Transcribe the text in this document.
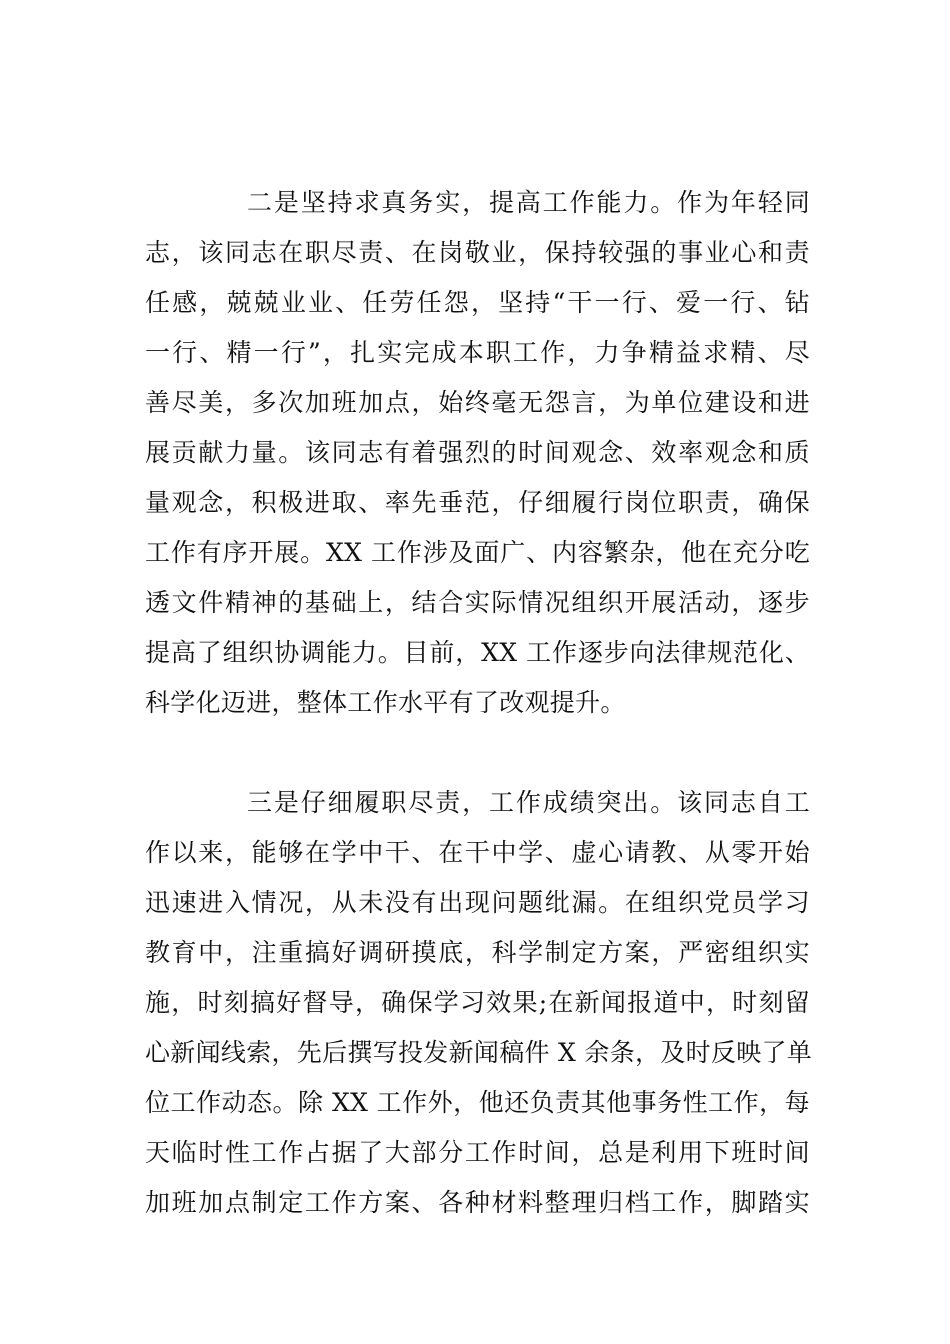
二是坚持求真务实，提高工作能力。作为年轻同
志，该同志在职尽责、在岗敬业，保持较强的事业心和责
任感，兢兢业业、任劳任怨，坚持“干一行、爱一行、钻
一行、精一行”，扎实完成本职工作，力争精益求精、尽
善尽美，多次加班加点，始终毫无怨言，为单位建设和进
展贡献力量。该同志有着强烈的时间观念、效率观念和质
量观念，积极进取、率先垂范，仔细履行岗位职责，确保
工作有序开展。XX 工作涉及面广、内容繁杂，他在充分吃
透文件精神的基础上，结合实际情况组织开展活动，逐步
提高了组织协调能力。目前，XX 工作逐步向法律规范化、
科学化迈进，整体工作水平有了改观提升。
三是仔细履职尽责，工作成绩突出。该同志自工
作以来，能够在学中干、在干中学、虚心请教、从零开始
迅速进入情况，从未没有出现问题纰漏。在组织党员学习
教育中，注重搞好调研摸底，科学制定方案，严密组织实
施，时刻搞好督导，确保学习效果;在新闻报道中，时刻留
心新闻线索，先后撰写投发新闻稿件 X 余条，及时反映了单
位工作动态。除 XX 工作外，他还负责其他事务性工作，每
天临时性工作占据了大部分工作时间，总是利用下班时间
加班加点制定工作方案、各种材料整理归档工作，脚踏实
